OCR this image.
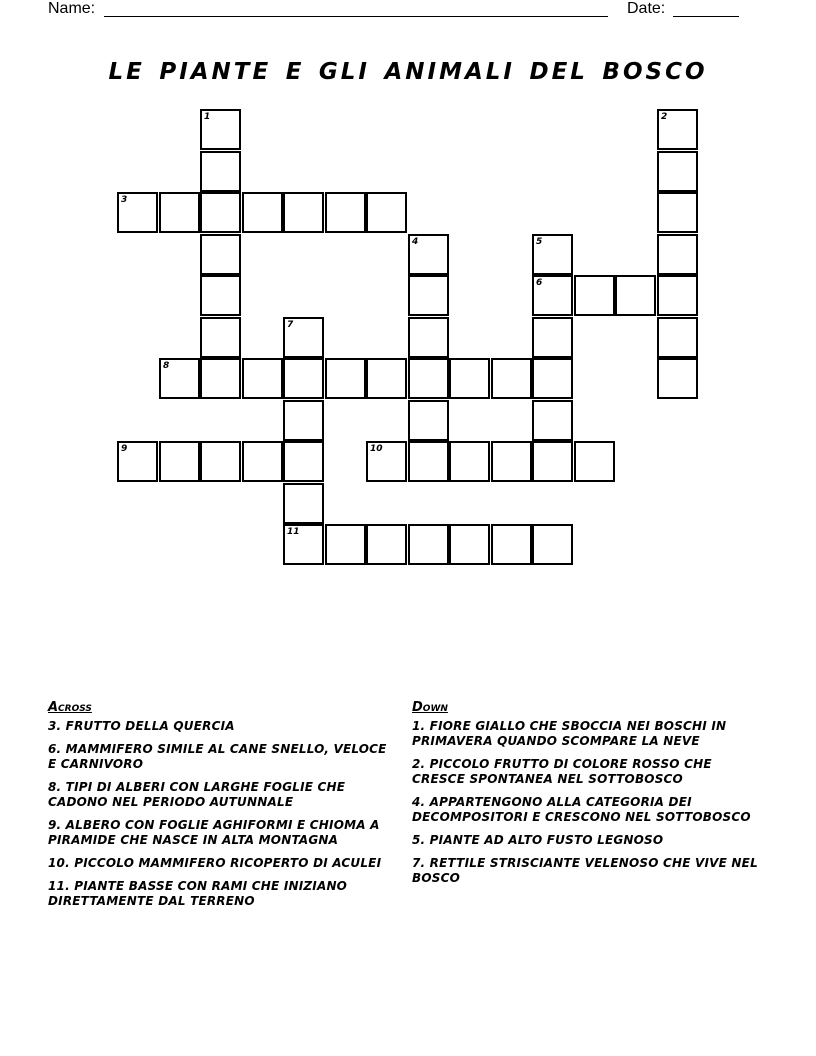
Name:	Date:
le piante e gli animali del bosco
1	2
3
4	5
6
7
8
9	10
11
Across
3. FRUTTO DELLA QUERCIA
6. MAMMIFERO SIMILE AL CANE SNELLO, VELOCE E CARNIVORO
8. TIPI DI ALBERI CON LARGHE FOGLIE CHE CADONO NEL PERIODO AUTUNNALE
9. ALBERO CON FOGLIE AGHIFORMI E CHIOMA A PIRAMIDE CHE NASCE IN ALTA MONTAGNA
10. PICCOLO MAMMIFERO RICOPERTO DI ACULEI
11. PIANTE BASSE CON RAMI CHE INIZIANO DIRETTAMENTE DAL TERRENO
Down
1. FIORE GIALLO CHE SBOCCIA NEI BOSCHI IN PRIMAVERA QUANDO SCOMPARE LA NEVE
2. PICCOLO FRUTTO DI COLORE ROSSO CHE CRESCE SPONTANEA NEL SOTTOBOSCO
4. APPARTENGONO ALLA CATEGORIA DEI DECOMPOSITORI E CRESCONO NEL SOTTOBOSCO
5. PIANTE AD ALTO FUSTO LEGNOSO
7. RETTILE STRISCIANTE VELENOSO CHE VIVE NEL BOSCO
